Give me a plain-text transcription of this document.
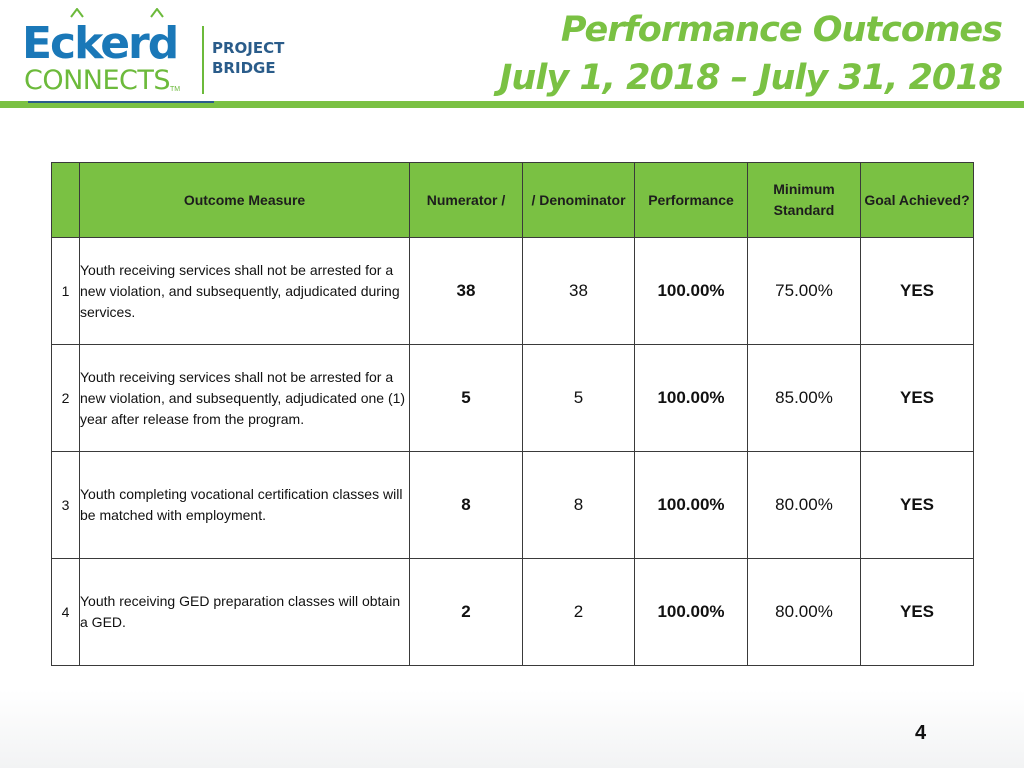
Eckerd
CONNECTS TM
PROJECT
BRIDGE
Performance Outcomes
July 1, 2018 – July 31, 2018
	Outcome Measure	Numerator /	/ Denominator	Performance	Minimum Standard	Goal Achieved?
1	Youth receiving services shall not be arrested for a new violation, and subsequently, adjudicated during services.	38	38	100.00%	75.00%	YES
2	Youth receiving services shall not be arrested for a new violation, and subsequently, adjudicated one (1) year after release from the program.	5	5	100.00%	85.00%	YES
3	Youth completing vocational certification classes will be matched with employment.	8	8	100.00%	80.00%	YES
4	Youth receiving GED preparation classes will obtain a GED.	2	2	100.00%	80.00%	YES
4
